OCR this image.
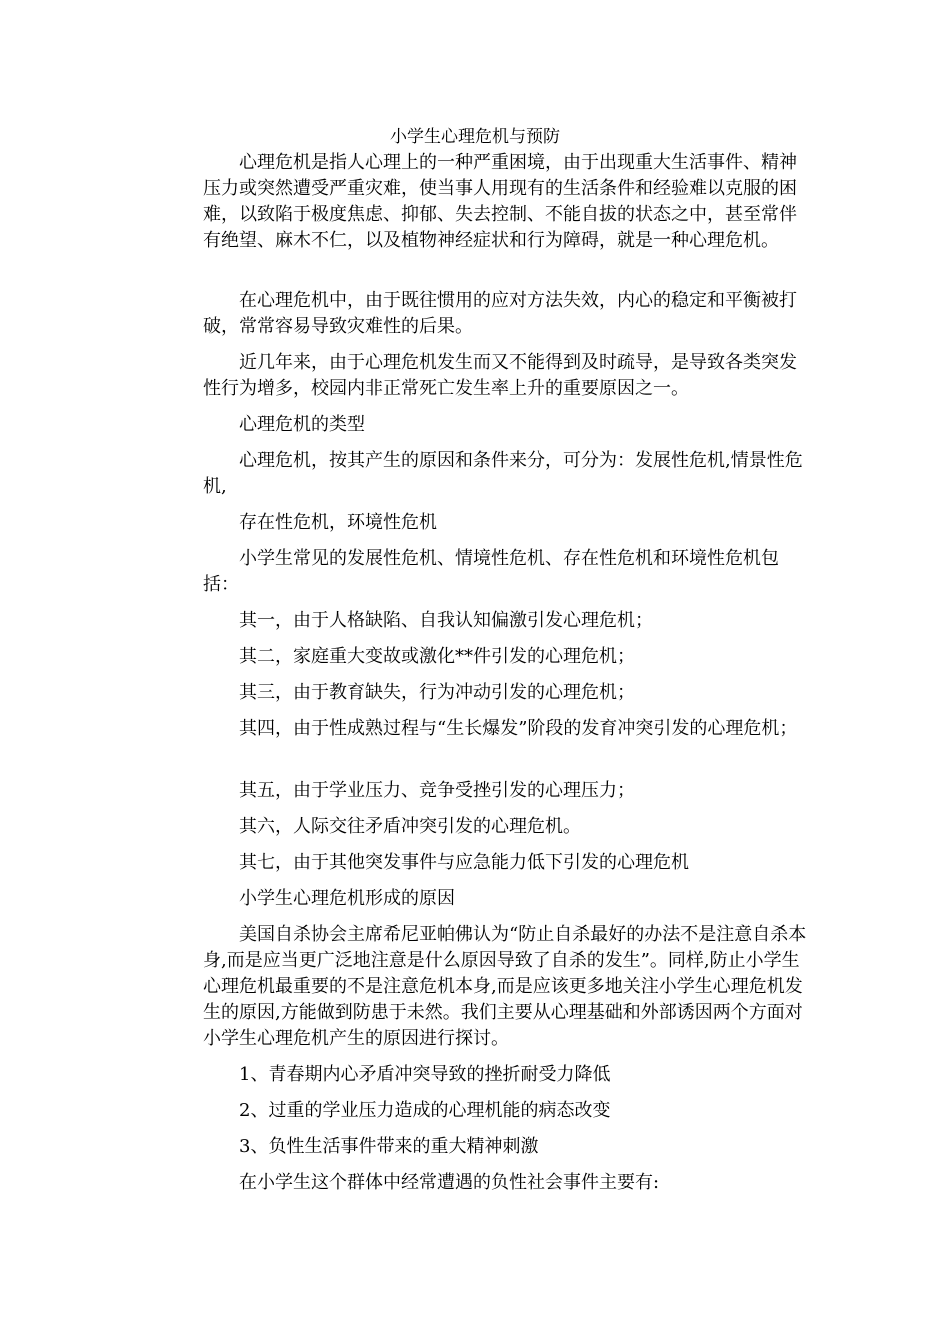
小学生心理危机与预防

心理危机是指人心理上的一种严重困境，由于出现重大生活事件、精神压力或突然遭受严重灾难，使当事人用现有的生活条件和经验难以克服的困难，以致陷于极度焦虑、抑郁、失去控制、不能自拔的状态之中，甚至常伴有绝望、麻木不仁，以及植物神经症状和行为障碍，就是一种心理危机。

在心理危机中，由于既往惯用的应对方法失效，内心的稳定和平衡被打破，常常容易导致灾难性的后果。

近几年来，由于心理危机发生而又不能得到及时疏导，是导致各类突发性行为增多，校园内非正常死亡发生率上升的重要原因之一。

心理危机的类型

心理危机，按其产生的原因和条件来分，可分为：发展性危机,情景性危机,

存在性危机，环境性危机

小学生常见的发展性危机、情境性危机、存在性危机和环境性危机包括：

其一，由于人格缺陷、自我认知偏激引发心理危机；

其二，家庭重大变故或激化**件引发的心理危机；

其三，由于教育缺失，行为冲动引发的心理危机；

其四，由于性成熟过程与“生长爆发”阶段的发育冲突引发的心理危机；

其五，由于学业压力、竞争受挫引发的心理压力；

其六，人际交往矛盾冲突引发的心理危机。

其七，由于其他突发事件与应急能力低下引发的心理危机

小学生心理危机形成的原因

美国自杀协会主席希尼亚帕佛认为“防止自杀最好的办法不是注意自杀本身,而是应当更广泛地注意是什么原因导致了自杀的发生”。同样,防止小学生心理危机最重要的不是注意危机本身,而是应该更多地关注小学生心理危机发生的原因,方能做到防患于未然。我们主要从心理基础和外部诱因两个方面对小学生心理危机产生的原因进行探讨。

1、青春期内心矛盾冲突导致的挫折耐受力降低

2、过重的学业压力造成的心理机能的病态改变

3、负性生活事件带来的重大精神刺激

在小学生这个群体中经常遭遇的负性社会事件主要有:
